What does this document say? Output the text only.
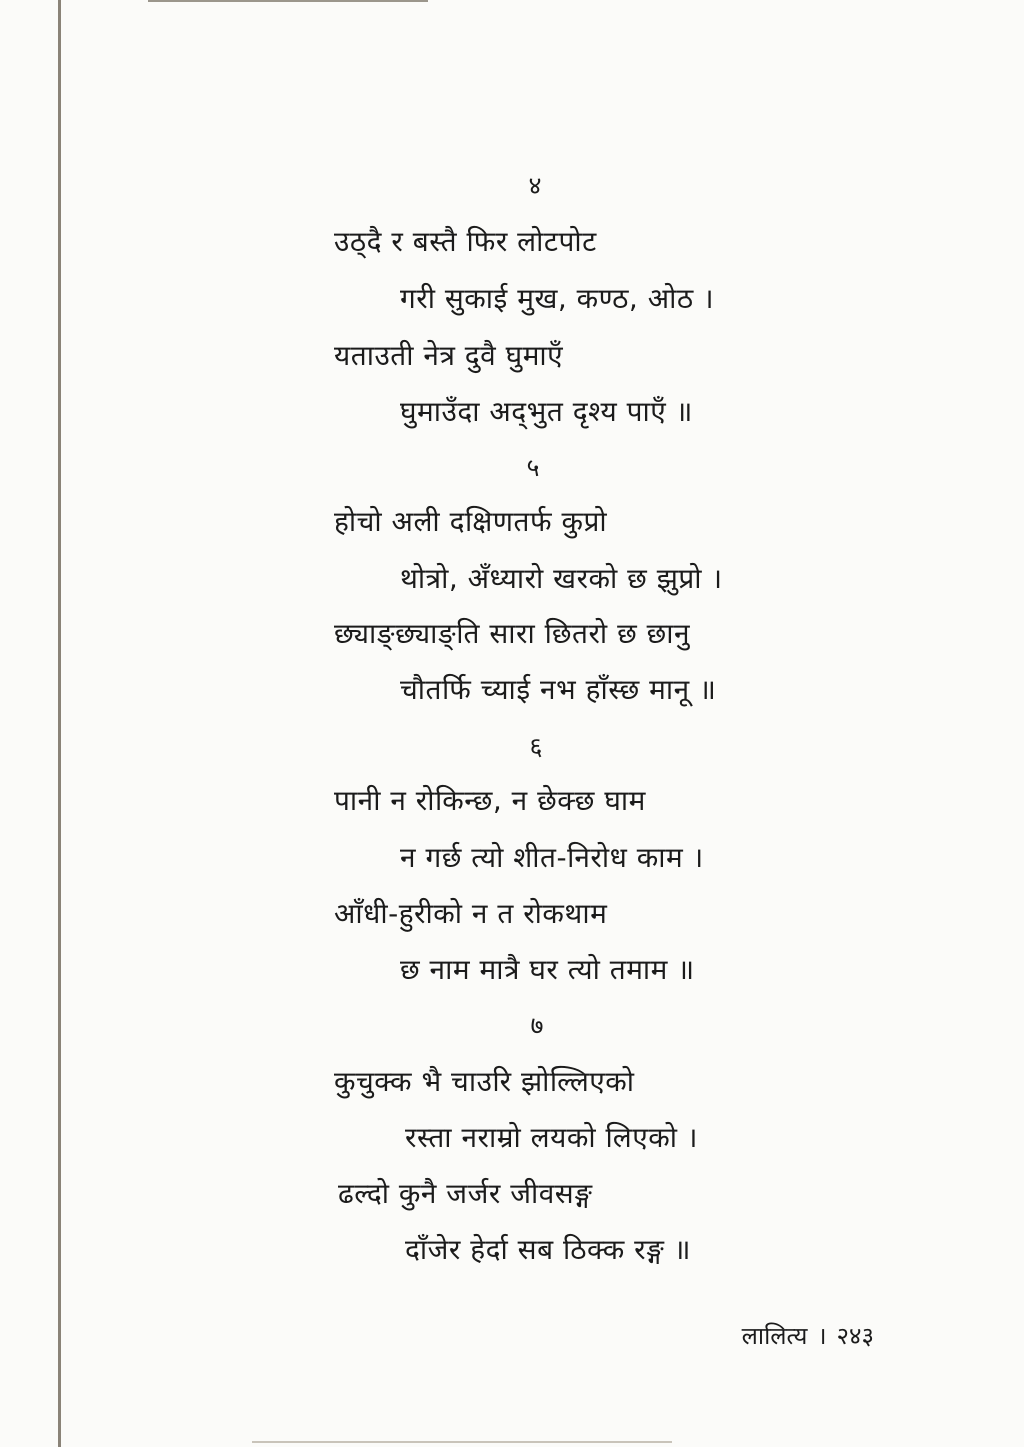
४
उठ्दै र बस्तै फिर लोटपोट
गरी सुकाई मुख, कण्ठ, ओठ ।
यताउती नेत्र दुवै घुमाएँ
घुमाउँदा अद्‌भुत दृश्य पाएँ ॥
५
होचो अली दक्षिणतर्फ कुप्रो
थोत्रो, अँध्यारो खरको छ झुप्रो ।
छ्याङ्छ्याङ्ति सारा छितरो छ छानु
चौतर्फि च्याई नभ हाँस्छ मानू ॥
६
पानी न रोकिन्छ, न छेक्छ घाम
न गर्छ त्यो शीत-निरोध काम ।
आँधी-हुरीको न त रोकथाम
छ नाम मात्रै घर त्यो तमाम ॥
७
कुचुक्क भै चाउरि झोल्लिएको
रस्ता नराम्रो लयको लिएको ।
ढल्दो कुनै जर्जर जीवसङ्ग
दाँजेर हेर्दा सब ठिक्क रङ्ग ॥
लालित्य । २४३
